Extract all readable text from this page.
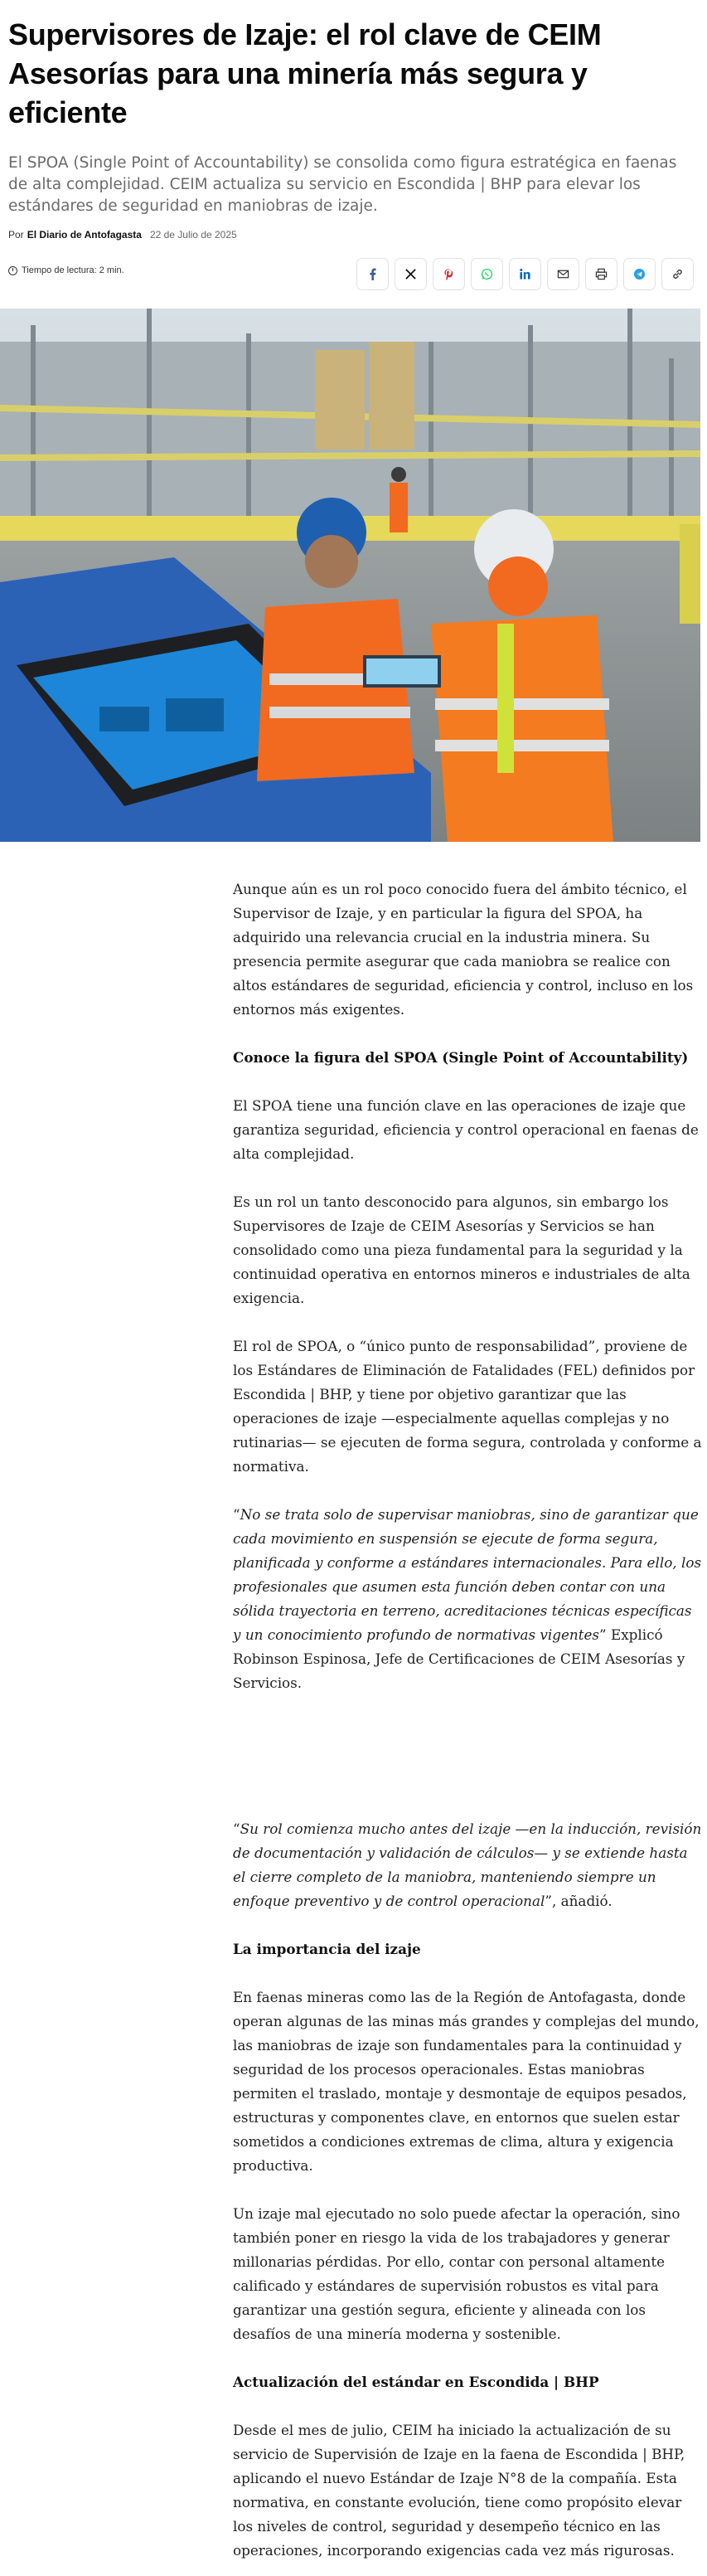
Supervisores de Izaje: el rol clave de CEIM Asesorías para una minería más segura y eficiente

El SPOA (Single Point of Accountability) se consolida como figura estratégica en faenas de alta complejidad. CEIM actualiza su servicio en Escondida | BHP para elevar los estándares de seguridad en maniobras de izaje.

Por El Diario de Antofagasta 22 de Julio de 2025
Tiempo de lectura: 2 min.

Aunque aún es un rol poco conocido fuera del ámbito técnico, el Supervisor de Izaje, y en particular la figura del SPOA, ha adquirido una relevancia crucial en la industria minera. Su presencia permite asegurar que cada maniobra se realice con altos estándares de seguridad, eficiencia y control, incluso en los entornos más exigentes.

Conoce la figura del SPOA (Single Point of Accountability)

El SPOA tiene una función clave en las operaciones de izaje que garantiza seguridad, eficiencia y control operacional en faenas de alta complejidad.

Es un rol un tanto desconocido para algunos, sin embargo los Supervisores de Izaje de CEIM Asesorías y Servicios se han consolidado como una pieza fundamental para la seguridad y la continuidad operativa en entornos mineros e industriales de alta exigencia.

El rol de SPOA, o “único punto de responsabilidad”, proviene de los Estándares de Eliminación de Fatalidades (FEL) definidos por Escondida | BHP, y tiene por objetivo garantizar que las operaciones de izaje —especialmente aquellas complejas y no rutinarias— se ejecuten de forma segura, controlada y conforme a normativa.

“No se trata solo de supervisar maniobras, sino de garantizar que cada movimiento en suspensión se ejecute de forma segura, planificada y conforme a estándares internacionales. Para ello, los profesionales que asumen esta función deben contar con una sólida trayectoria en terreno, acreditaciones técnicas específicas y un conocimiento profundo de normativas vigentes” Explicó Robinson Espinosa, Jefe de Certificaciones de CEIM Asesorías y Servicios.

“Su rol comienza mucho antes del izaje —en la inducción, revisión de documentación y validación de cálculos— y se extiende hasta el cierre completo de la maniobra, manteniendo siempre un enfoque preventivo y de control operacional”, añadió.

La importancia del izaje

En faenas mineras como las de la Región de Antofagasta, donde operan algunas de las minas más grandes y complejas del mundo, las maniobras de izaje son fundamentales para la continuidad y seguridad de los procesos operacionales. Estas maniobras permiten el traslado, montaje y desmontaje de equipos pesados, estructuras y componentes clave, en entornos que suelen estar sometidos a condiciones extremas de clima, altura y exigencia productiva.

Un izaje mal ejecutado no solo puede afectar la operación, sino también poner en riesgo la vida de los trabajadores y generar millonarias pérdidas. Por ello, contar con personal altamente calificado y estándares de supervisión robustos es vital para garantizar una gestión segura, eficiente y alineada con los desafíos de una minería moderna y sostenible.

Actualización del estándar en Escondida | BHP

Desde el mes de julio, CEIM ha iniciado la actualización de su servicio de Supervisión de Izaje en la faena de Escondida | BHP, aplicando el nuevo Estándar de Izaje N°8 de la compañía. Esta normativa, en constante evolución, tiene como propósito elevar los niveles de control, seguridad y desempeño técnico en las operaciones, incorporando exigencias cada vez más rigurosas.
